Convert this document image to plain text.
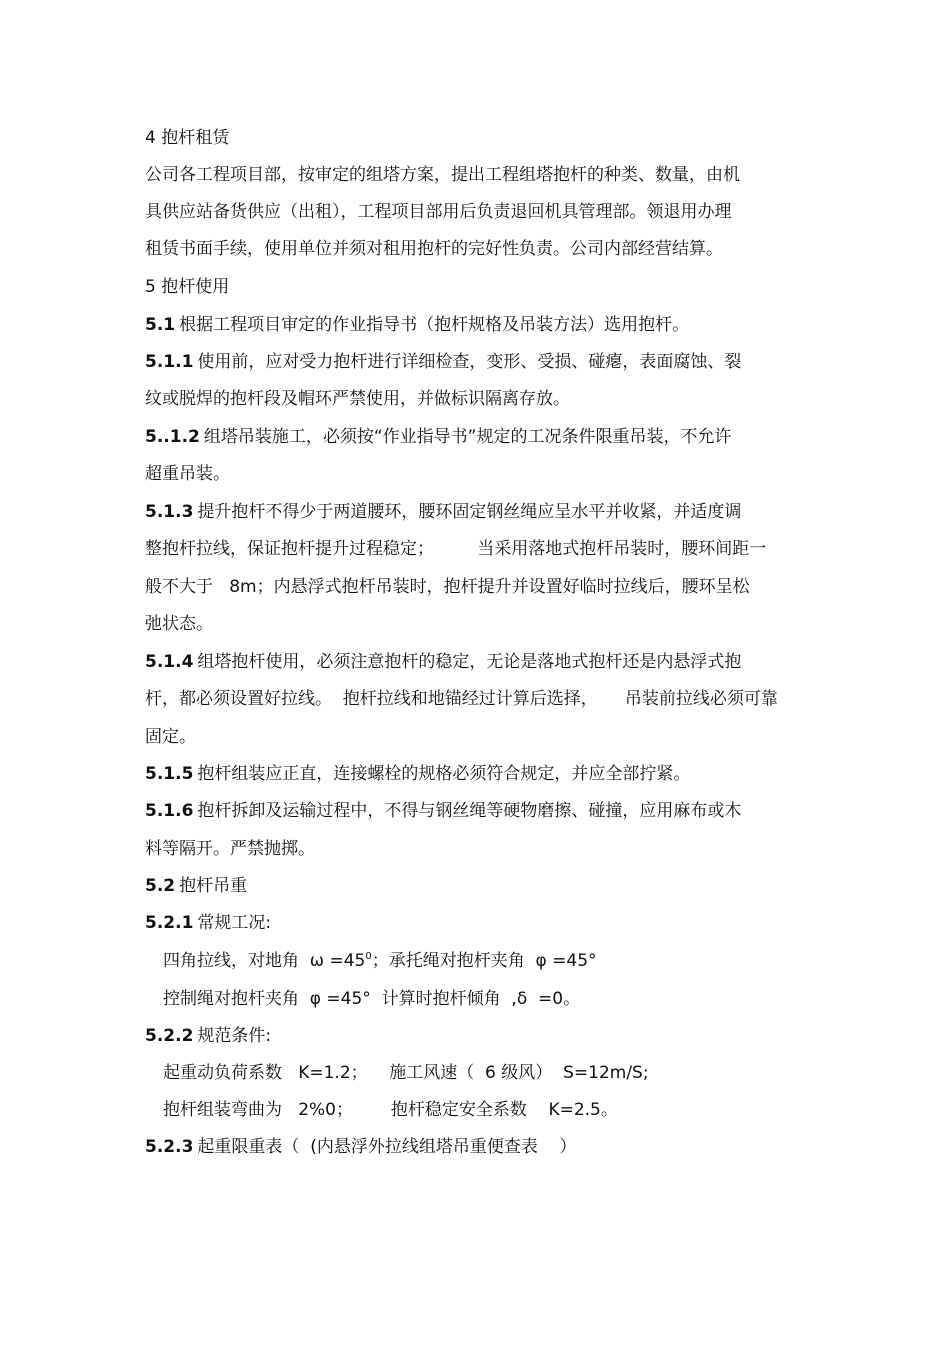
4 抱杆租赁
公司各工程项目部，按审定的组塔方案，提出工程组塔抱杆的种类、数量，由机
具供应站备货供应（出租），工程项目部用后负责退回机具管理部。领退用办理
租赁书面手续，使用单位并须对租用抱杆的完好性负责。公司内部经营结算。
5 抱杆使用
5.1 根据工程项目审定的作业指导书（抱杆规格及吊装方法）选用抱杆。
5.1.1 使用前，应对受力抱杆进行详细检查，变形、受损、碰瘪，表面腐蚀、裂
纹或脱焊的抱杆段及帽环严禁使用，并做标识隔离存放。
5..1.2 组塔吊装施工，必须按“作业指导书”规定的工况条件限重吊装，不允许
超重吊装。
5.1.3 提升抱杆不得少于两道腰环，腰环固定钢丝绳应呈水平并收紧，并适度调
整抱杆拉线，保证抱杆提升过程稳定；        当采用落地式抱杆吊装时，腰环间距一
般不大于   8m；内悬浮式抱杆吊装时，抱杆提升并设置好临时拉线后，腰环呈松
弛状态。
5.1.4 组塔抱杆使用，必须注意抱杆的稳定，无论是落地式抱杆还是内悬浮式抱
杆，都必须设置好拉线。  抱杆拉线和地锚经过计算后选择，     吊装前拉线必须可靠
固定。
5.1.5 抱杆组装应正直，连接螺栓的规格必须符合规定，并应全部拧紧。
5.1.6 抱杆拆卸及运输过程中，不得与钢丝绳等硬物磨擦、碰撞，应用麻布或木
料等隔开。严禁抛掷。
5.2 抱杆吊重
5.2.1 常规工况:
四角拉线，对地角  $\omega =45^0$；承托绳对抱杆夹角  φ =45°
控制绳对抱杆夹角  φ =45°  计算时抱杆倾角  ,δ  =0。
5.2.2 规范条件:
起重动负荷系数   K=1.2；    施工风速（  6 级风）  S=12m/S;
抱杆组装弯曲为   2%0；       抱杆稳定安全系数    K=2.5。
5.2.3 起重限重表（  (内悬浮外拉线组塔吊重便查表    ）
